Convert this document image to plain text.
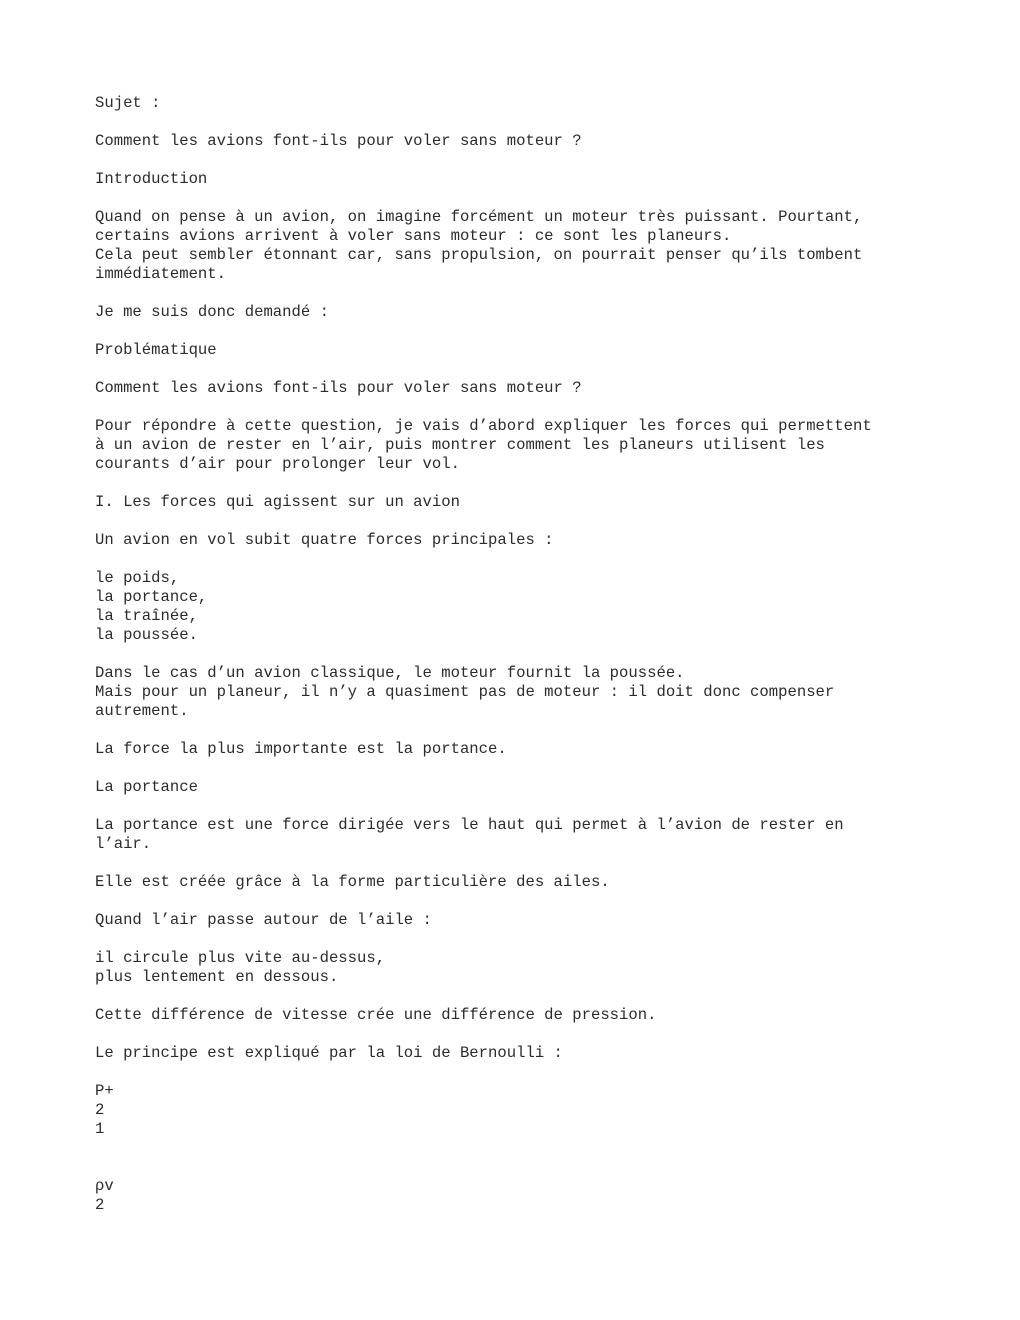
Sujet :
Comment les avions font-ils pour voler sans moteur ?
Introduction
Quand on pense à un avion, on imagine forcément un moteur très puissant. Pourtant,
certains avions arrivent à voler sans moteur : ce sont les planeurs.
Cela peut sembler étonnant car, sans propulsion, on pourrait penser qu’ils tombent
immédiatement.
Je me suis donc demandé :
Problématique
Comment les avions font-ils pour voler sans moteur ?
Pour répondre à cette question, je vais d’abord expliquer les forces qui permettent
à un avion de rester en l’air, puis montrer comment les planeurs utilisent les
courants d’air pour prolonger leur vol.
I. Les forces qui agissent sur un avion
Un avion en vol subit quatre forces principales :
le poids,
la portance,
la traînée,
la poussée.
Dans le cas d’un avion classique, le moteur fournit la poussée.
Mais pour un planeur, il n’y a quasiment pas de moteur : il doit donc compenser
autrement.
La force la plus importante est la portance.
La portance
La portance est une force dirigée vers le haut qui permet à l’avion de rester en
l’air.
Elle est créée grâce à la forme particulière des ailes.
Quand l’air passe autour de l’aile :
il circule plus vite au-dessus,
plus lentement en dessous.
Cette différence de vitesse crée une différence de pression.
Le principe est expliqué par la loi de Bernoulli :
P+
2
1
ρv
2
